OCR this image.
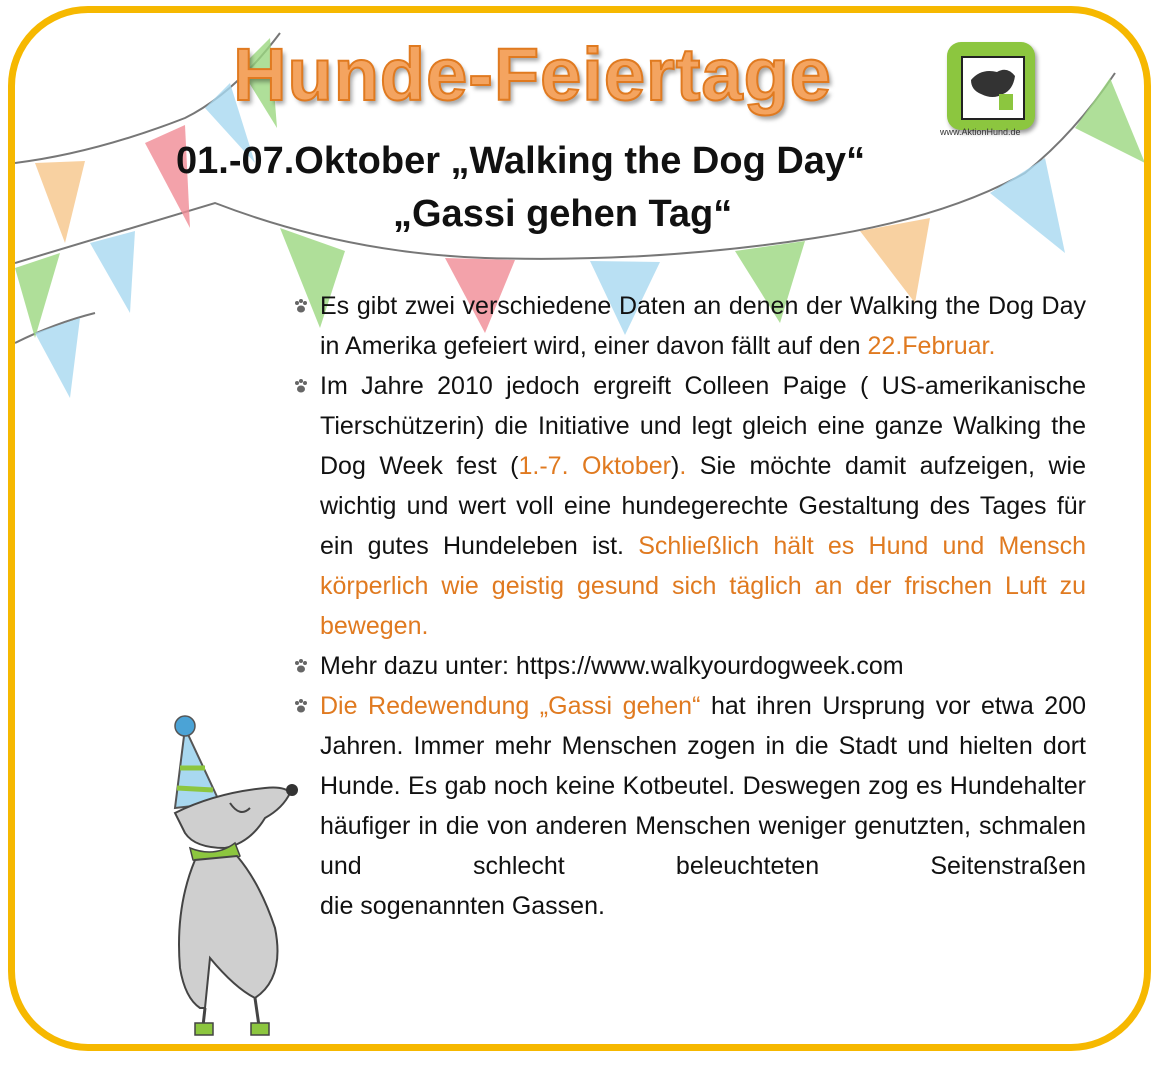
Hunde-Feiertage
www.AktionHund.de
01.-07.Oktober „Walking the Dog Day“
„Gassi gehen Tag“
Es gibt zwei verschiedene Daten an denen der Walking the Dog Day in Amerika gefeiert wird, einer davon fällt auf den 22.Februar.
Im Jahre 2010 jedoch ergreift Colleen Paige ( US-amerikanische Tierschützerin) die Initiative und legt gleich eine ganze Walking the Dog Week fest (1.-7. Oktober). Sie möchte damit aufzeigen, wie wichtig und wert voll eine hundegerechte Gestaltung des Tages für ein gutes Hundeleben ist. Schließlich hält es Hund und Mensch körperlich wie geistig gesund sich täglich an der frischen Luft zu bewegen.
Mehr dazu unter: https://www.walkyourdogweek.com
Die Redewendung „Gassi gehen“ hat ihren Ursprung vor etwa 200 Jahren. Immer mehr Menschen zogen in die Stadt und hielten dort Hunde. Es gab noch keine Kotbeutel. Deswegen zog es Hundehalter häufiger in die von anderen Menschen weniger genutzten, schmalen und schlecht beleuchteten Seitenstraßen
die sogenannten Gassen.
